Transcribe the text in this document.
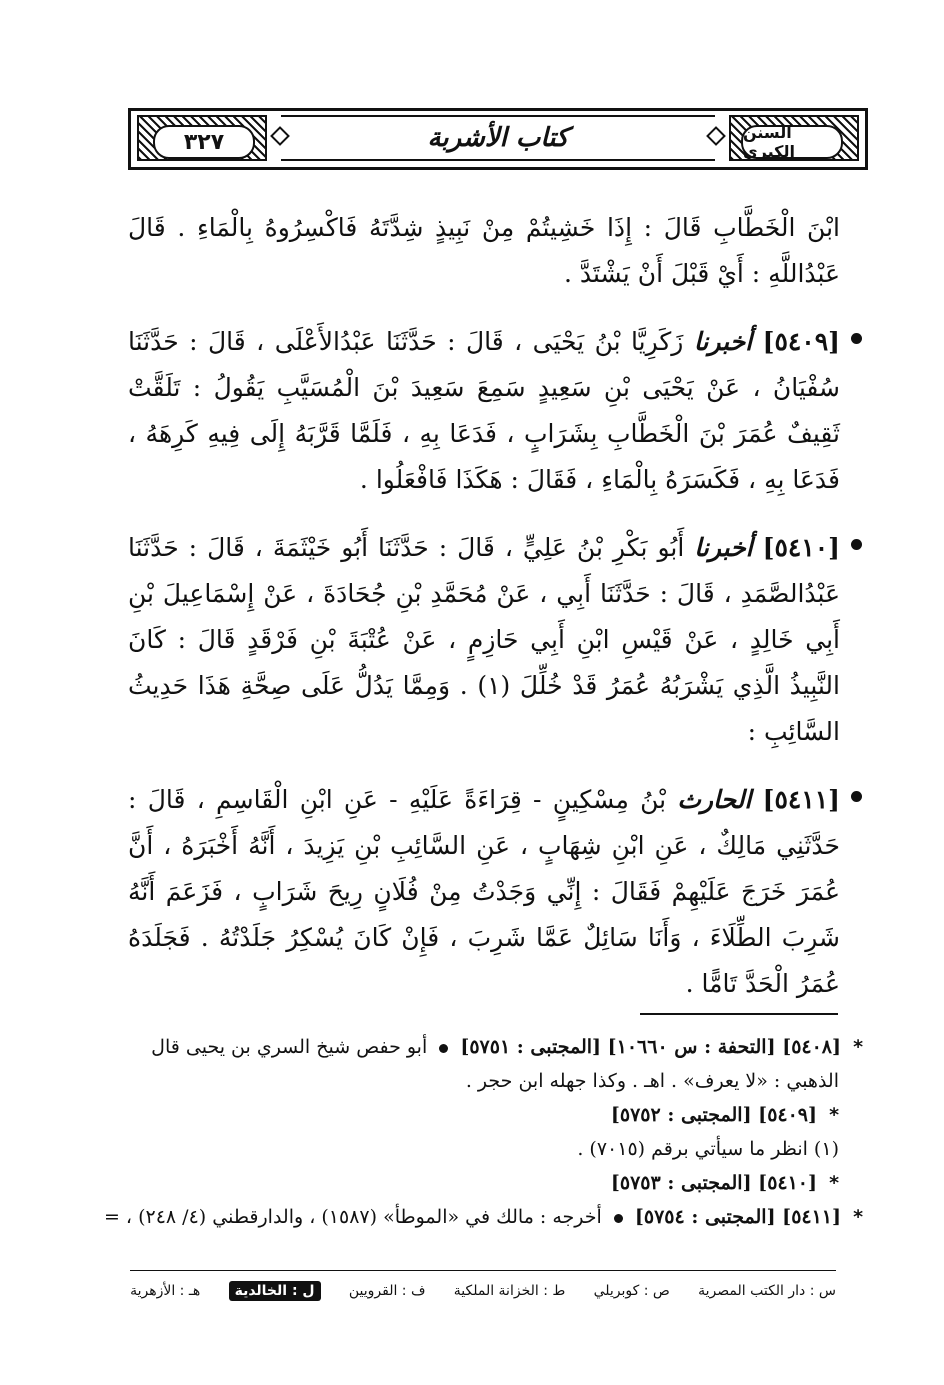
٣٢٧	كتاب الأشربة	السنن الكبرى

ابْنَ الْخَطَّابِ قَالَ : إِذَا خَشِيتُمْ مِنْ نَبِيذٍ شِدَّتَهُ فَاكْسِرُوهُ بِالْمَاءِ . قَالَ عَبْدُاللَّهِ : أَيْ قَبْلَ أَنْ يَشْتَدَّ .

[٥٤٠٩] أخبرنا زَكَرِيَّا بْنُ يَحْيَى ، قَالَ : حَدَّثَنَا عَبْدُالأَعْلَى ، قَالَ : حَدَّثَنَا سُفْيَانُ ، عَنْ يَحْيَى بْنِ سَعِيدٍ سَمِعَ سَعِيدَ بْنَ الْمُسَيَّبِ يَقُولُ : تَلَقَّتْ ثَقِيفٌ عُمَرَ بْنَ الْخَطَّابِ بِشَرَابٍ ، فَدَعَا بِهِ ، فَلَمَّا قَرَّبَهُ إِلَى فِيهِ كَرِهَهُ ، فَدَعَا بِهِ ، فَكَسَرَهُ بِالْمَاءِ ، فَقَالَ : هَكَذَا فَافْعَلُوا .

[٥٤١٠] أخبرنا أَبُو بَكْرِ بْنُ عَلِيٍّ ، قَالَ : حَدَّثَنَا أَبُو خَيْثَمَةَ ، قَالَ : حَدَّثَنَا عَبْدُالصَّمَدِ ، قَالَ : حَدَّثَنَا أَبِي ، عَنْ مُحَمَّدِ بْنِ جُحَادَةَ ، عَنْ إِسْمَاعِيلَ بْنِ أَبِي خَالِدٍ ، عَنْ قَيْسِ ابْنِ أَبِي حَازِمٍ ، عَنْ عُتْبَةَ بْنِ فَرْقَدٍ قَالَ : كَانَ النَّبِيذُ الَّذِي يَشْرَبُهُ عُمَرُ قَدْ خُلِّلَ (١) . وَمِمَّا يَدُلُّ عَلَى صِحَّةِ هَذَا حَدِيثُ السَّائِبِ :

[٥٤١١] الحارث بْنُ مِسْكِينٍ - قِرَاءَةً عَلَيْهِ - عَنِ ابْنِ الْقَاسِمِ ، قَالَ : حَدَّثَنِي مَالِكٌ ، عَنِ ابْنِ شِهَابٍ ، عَنِ السَّائِبِ بْنِ يَزِيدَ ، أَنَّهُ أَخْبَرَهُ ، أَنَّ عُمَرَ خَرَجَ عَلَيْهِمْ فَقَالَ : إِنِّي وَجَدْتُ مِنْ فُلَانٍ رِيحَ شَرَابٍ ، فَزَعَمَ أَنَّهُ شَرِبَ الطِّلَاءَ ، وَأَنَا سَائِلٌ عَمَّا شَرِبَ ، فَإِنْ كَانَ يُسْكِرُ جَلَدْتُهُ . فَجَلَدَهُ عُمَرُ الْحَدَّ تَامًّا .

* [٥٤٠٨] [التحفة : س ١٠٦٦٠] [المجتبى : ٥٧٥١]  أبو حفص شيخ السري بن يحيى قال
الذهبي : «لا يعرف» . اهـ . وكذا جهله ابن حجر .
* [٥٤٠٩] [المجتبى : ٥٧٥٢]
(١) انظر ما سيأتي برقم (٧٠١٥) .
* [٥٤١٠] [المجتبى : ٥٧٥٣]
* [٥٤١١] [المجتبى : ٥٧٥٤]  أخرجه : مالك في «الموطأ» (١٥٨٧) ، والدارقطني (٤/ ٢٤٨) ، =
س : دار الكتب المصرية
ص : كوبريلي
ط : الخزانة الملكية
ف : القرويين
ل : الخالدية
هـ : الأزهرية
